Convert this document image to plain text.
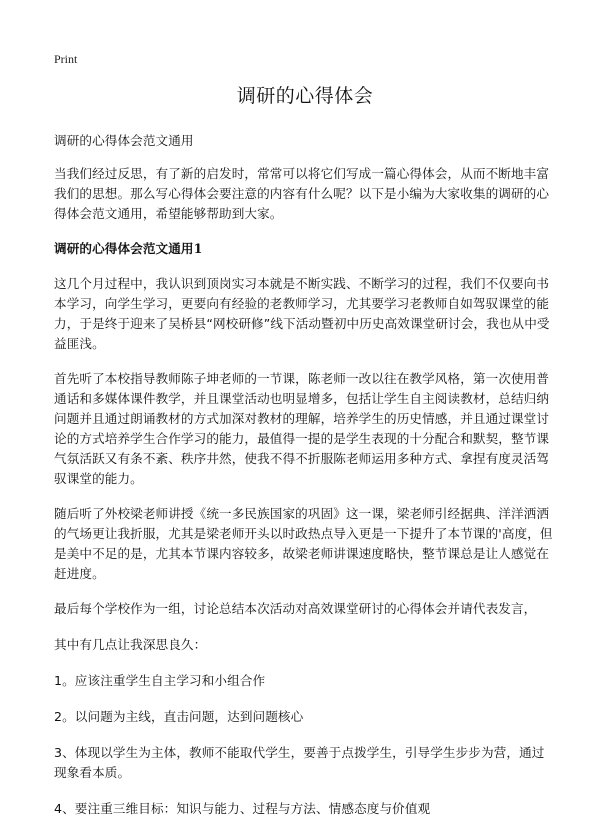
Print
调研的心得体会

调研的心得体会范文通用

当我们经过反思，有了新的启发时，常常可以将它们写成一篇心得体会，从而不断地丰富我们的思想。那么写心得体会要注意的内容有什么呢？以下是小编为大家收集的调研的心得体会范文通用，希望能够帮助到大家。

调研的心得体会范文通用1

这几个月过程中，我认识到顶岗实习本就是不断实践、不断学习的过程，我们不仅要向书本学习，向学生学习，更要向有经验的老教师学习，尤其要学习老教师自如驾驭课堂的能力，于是终于迎来了吴桥县“网校研修”线下活动暨初中历史高效课堂研讨会，我也从中受益匪浅。

首先听了本校指导教师陈子坤老师的一节课，陈老师一改以往在教学风格，第一次使用普通话和多媒体课件教学，并且课堂活动也明显增多，包括让学生自主阅读教材，总结归纳问题并且通过朗诵教材的方式加深对教材的理解，培养学生的历史情感，并且通过课堂讨论的方式培养学生合作学习的能力，最值得一提的是学生表现的十分配合和默契，整节课气氛活跃又有条不紊、秩序井然，使我不得不折服陈老师运用多种方式、拿捏有度灵活驾驭课堂的能力。

随后听了外校梁老师讲授《统一多民族国家的巩固》这一课，梁老师引经据典、洋洋洒洒的气场更让我折服，尤其是梁老师开头以时政热点导入更是一下提升了本节课的'高度，但是美中不足的是，尤其本节课内容较多，故梁老师讲课速度略快，整节课总是让人感觉在赶进度。

最后每个学校作为一组，讨论总结本次活动对高效课堂研讨的心得体会并请代表发言，

其中有几点让我深思良久：

1。应该注重学生自主学习和小组合作

2。以问题为主线，直击问题，达到问题核心

3、体现以学生为主体，教师不能取代学生，要善于点拨学生，引导学生步步为营，通过现象看本质。

4、要注重三维目标：知识与能力、过程与方法、情感态度与价值观
